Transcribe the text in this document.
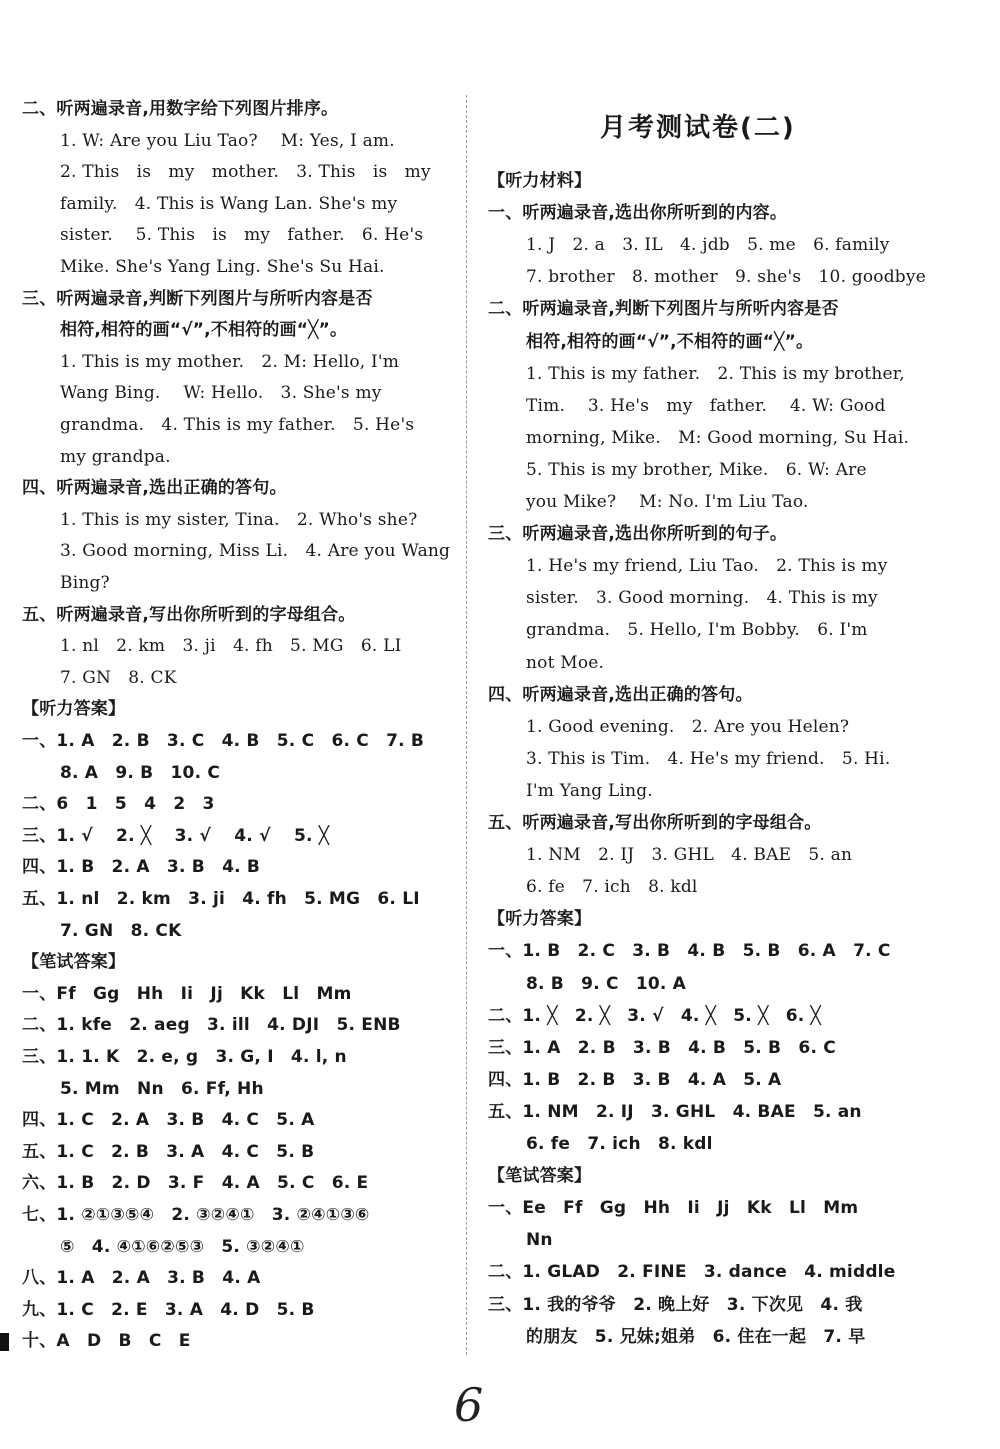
二、听两遍录音,用数字给下列图片排序。
1. W: Are you Liu Tao?　 M: Yes, I am.
2. This　is　my　mother.　3. This　is　my
family.　4. This is Wang Lan. She's my
sister.　 5. This　is　my　father.　6. He's
Mike. She's Yang Ling. She's Su Hai.
三、听两遍录音,判断下列图片与所听内容是否
相符,相符的画“√”,不相符的画“╳”。
1. This is my mother.　2. M: Hello, I'm
Wang Bing.　 W: Hello.　3. She's my
grandma.　4. This is my father.　5. He's
my grandpa.
四、听两遍录音,选出正确的答句。
1. This is my sister, Tina.　2. Who's she?
3. Good morning, Miss Li.　4. Are you Wang
Bing?
五、听两遍录音,写出你所听到的字母组合。
1. nl　2. km　3. ji　4. fh　5. MG　6. LI
7. GN　8. CK
【听力答案】
一、1. A　2. B　3. C　4. B　5. C　6. C　7. B
8. A　9. B　10. C
二、6　1　5　4　2　3
三、1. √　 2. ╳　 3. √　 4. √　 5. ╳
四、1. B　2. A　3. B　4. B
五、1. nl　2. km　3. ji　4. fh　5. MG　6. LI
7. GN　8. CK
【笔试答案】
一、Ff　Gg　Hh　Ii　Jj　Kk　Ll　Mm
二、1. kfe　2. aeg　3. ill　4. DJI　5. ENB
三、1. 1. K　2. e, g　3. G, I　4. l, n
5. Mm　Nn　6. Ff, Hh
四、1. C　2. A　3. B　4. C　5. A
五、1. C　2. B　3. A　4. C　5. B
六、1. B　2. D　3. F　4. A　5. C　6. E
七、1. ②①③⑤④　2. ③②④①　3. ②④①③⑥
⑤　4. ④①⑥②⑤③　5. ③②④①
八、1. A　2. A　3. B　4. A
九、1. C　2. E　3. A　4. D　5. B
十、A　D　B　C　E
【听力材料】
一、听两遍录音,选出你所听到的内容。
1. J　2. a　3. IL　4. jdb　5. me　6. family
7. brother　8. mother　9. she's　10. goodbye
二、听两遍录音,判断下列图片与所听内容是否
相符,相符的画“√”,不相符的画“╳”。
1. This is my father.　2. This is my brother,
Tim.　 3. He's　my　father.　 4. W: Good
morning, Mike.　M: Good morning, Su Hai.
5. This is my brother, Mike.　6. W: Are
you Mike?　 M: No. I'm Liu Tao.
三、听两遍录音,选出你所听到的句子。
1. He's my friend, Liu Tao.　2. This is my
sister.　3. Good morning.　4. This is my
grandma.　5. Hello, I'm Bobby.　6. I'm
not Moe.
四、听两遍录音,选出正确的答句。
1. Good evening.　2. Are you Helen?
3. This is Tim.　4. He's my friend.　5. Hi.
I'm Yang Ling.
五、听两遍录音,写出你所听到的字母组合。
1. NM　2. IJ　3. GHL　4. BAE　5. an
6. fe　7. ich　8. kdl
【听力答案】
一、1. B　2. C　3. B　4. B　5. B　6. A　7. C
8. B　9. C　10. A
二、1. ╳　2. ╳　3. √　4. ╳　5. ╳　6. ╳
三、1. A　2. B　3. B　4. B　5. B　6. C
四、1. B　2. B　3. B　4. A　5. A
五、1. NM　2. IJ　3. GHL　4. BAE　5. an
6. fe　7. ich　8. kdl
【笔试答案】
一、Ee　Ff　Gg　Hh　Ii　Jj　Kk　Ll　Mm
Nn
二、1. GLAD　2. FINE　3. dance　4. middle
三、1. 我的爷爷　2. 晚上好　3. 下次见　4. 我
的朋友　5. 兄妹;姐弟　6. 住在一起　7. 早
月考测试卷(二)
6
